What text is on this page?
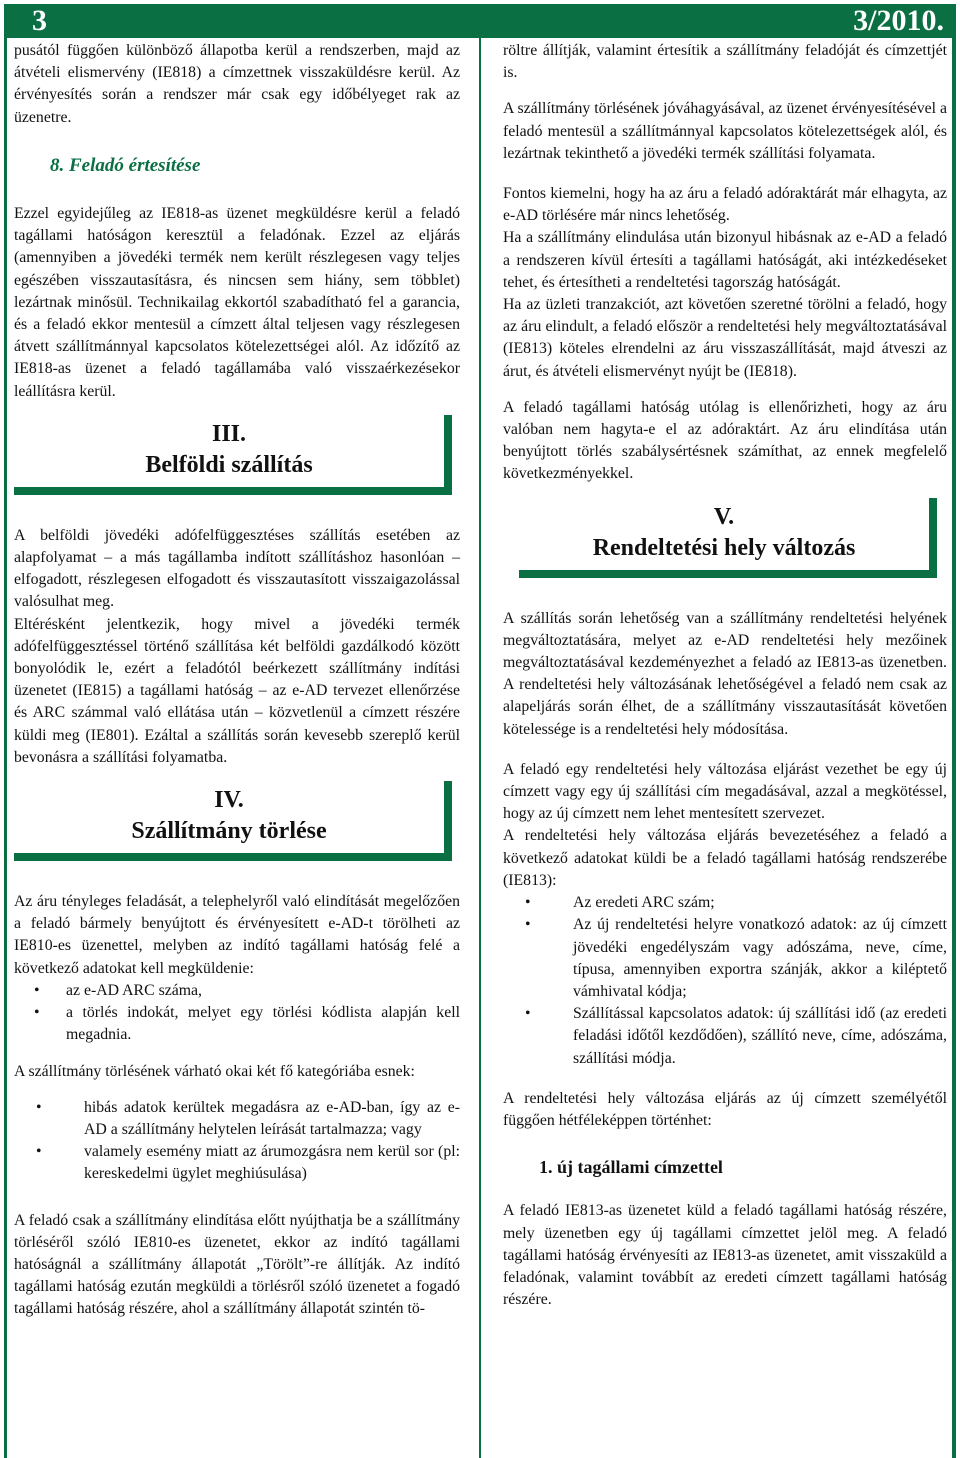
3	3/2010.

pusától függően különböző állapotba kerül a rendszerben, majd az átvételi elismervény (IE818) a címzettnek visszaküldésre kerül. Az érvényesítés során a rendszer már csak egy időbélyeget rak az üzenetre.

8. Feladó értesítése

Ezzel egyidejűleg az IE818-as üzenet megküldésre kerül a feladó tagállami hatóságon keresztül a feladónak. Ezzel az eljárás (amennyiben a jövedéki termék nem került részlegesen vagy teljes egészében visszautasításra, és nincsen sem hiány, sem többlet) lezártnak minősül. Technikailag ekkortól szabadítható fel a garancia, és a feladó ekkor mentesül a címzett által teljesen vagy részlegesen átvett szállítmánnyal kapcsolatos kötelezettségei alól. Az időzítő az IE818-as üzenet a feladó tagállamába való visszaérkezésekor leállításra kerül.

III.
Belföldi szállítás

A belföldi jövedéki adófelfüggesztéses szállítás esetében az alapfolyamat – a más tagállamba indított szállításhoz hasonlóan – elfogadott, részlegesen elfogadott és visszautasított visszaigazolással valósulhat meg.

Eltérésként jelentkezik, hogy mivel a jövedéki termék adófelfüggesztéssel történő szállítása két belföldi gazdálkodó között bonyolódik le, ezért a feladótól beérkezett szállítmány indítási üzenetet (IE815) a tagállami hatóság – az e-AD tervezet ellenőrzése és ARC számmal való ellátása után – közvetlenül a címzett részére küldi meg (IE801). Ezáltal a szállítás során kevesebb szereplő kerül bevonásra a szállítási folyamatba.

IV.
Szállítmány törlése

Az áru tényleges feladását, a telephelyről való elindítását megelőzően a feladó bármely benyújtott és érvényesített e-AD-t törölheti az IE810-es üzenettel, melyben az indító tagállami hatóság felé a következő adatokat kell megküldenie:

• az e-AD ARC száma,
• a törlés indokát, melyet egy törlési kódlista alapján kell megadnia.

A szállítmány törlésének várható okai két fő kategóriába esnek:

• hibás adatok kerültek megadásra az e-AD-ban, így az e-AD a szállítmány helytelen leírását tartalmazza; vagy
• valamely esemény miatt az árumozgásra nem kerül sor (pl: kereskedelmi ügylet meghiúsulása)

A feladó csak a szállítmány elindítása előtt nyújthatja be a szállítmány törléséről szóló IE810-es üzenetet, ekkor az indító tagállami hatóságnál a szállítmány állapotát „Törölt”-re állítják. Az indító tagállami hatóság ezután megküldi a törlésről szóló üzenetet a fogadó tagállami hatóság részére, ahol a szállítmány állapotát szintén tö-

röltre állítják, valamint értesítik a szállítmány feladóját és címzettjét is.

A szállítmány törlésének jóváhagyásával, az üzenet érvényesítésével a feladó mentesül a szállítmánnyal kapcsolatos kötelezettségek alól, és lezártnak tekinthető a jövedéki termék szállítási folyamata.

Fontos kiemelni, hogy ha az áru a feladó adóraktárát már elhagyta, az e-AD törlésére már nincs lehetőség.

Ha a szállítmány elindulása után bizonyul hibásnak az e-AD a feladó a rendszeren kívül értesíti a tagállami hatóságát, aki intézkedéseket tehet, és értesítheti a rendeltetési tagország hatóságát.

Ha az üzleti tranzakciót, azt követően szeretné törölni a feladó, hogy az áru elindult, a feladó először a rendeltetési hely megváltoztatásával (IE813) köteles elrendelni az áru visszaszállítását, majd átveszi az árut, és átvételi elismervényt nyújt be (IE818).

A feladó tagállami hatóság utólag is ellenőrizheti, hogy az áru valóban nem hagyta-e el az adóraktárt. Az áru elindítása után benyújtott törlés szabálysértésnek számíthat, az ennek megfelelő következményekkel.

V.
Rendeltetési hely változás

A szállítás során lehetőség van a szállítmány rendeltetési helyének megváltoztatására, melyet az e-AD rendeltetési hely mezőinek megváltoztatásával kezdeményezhet a feladó az IE813-as üzenetben. A rendeltetési hely változásának lehetőségével a feladó nem csak az alapeljárás során élhet, de a szállítmány visszautasítását követően kötelessége is a rendeltetési hely módosítása.

A feladó egy rendeltetési hely változása eljárást vezethet be egy új címzett vagy egy új szállítási cím megadásával, azzal a megkötéssel, hogy az új címzett nem lehet mentesített szervezet.

A rendeltetési hely változása eljárás bevezetéséhez a feladó a következő adatokat küldi be a feladó tagállami hatóság rendszerébe (IE813):

• Az eredeti ARC szám;
• Az új rendeltetési helyre vonatkozó adatok: az új címzett jövedéki engedélyszám vagy adószáma, neve, címe, típusa, amennyiben exportra szánják, akkor a kiléptető vámhivatal kódja;
• Szállítással kapcsolatos adatok: új szállítási idő (az eredeti feladási időtől kezdődően), szállító neve, címe, adószáma, szállítási módja.

A rendeltetési hely változása eljárás az új címzett személyétől függően hétféleképpen történhet:

1. új tagállami címzettel

A feladó IE813-as üzenetet küld a feladó tagállami hatóság részére, mely üzenetben egy új tagállami címzettet jelöl meg. A feladó tagállami hatóság érvényesíti az IE813-as üzenetet, amit visszaküld a feladónak, valamint továbbít az eredeti címzett tagállami hatóság részére.
